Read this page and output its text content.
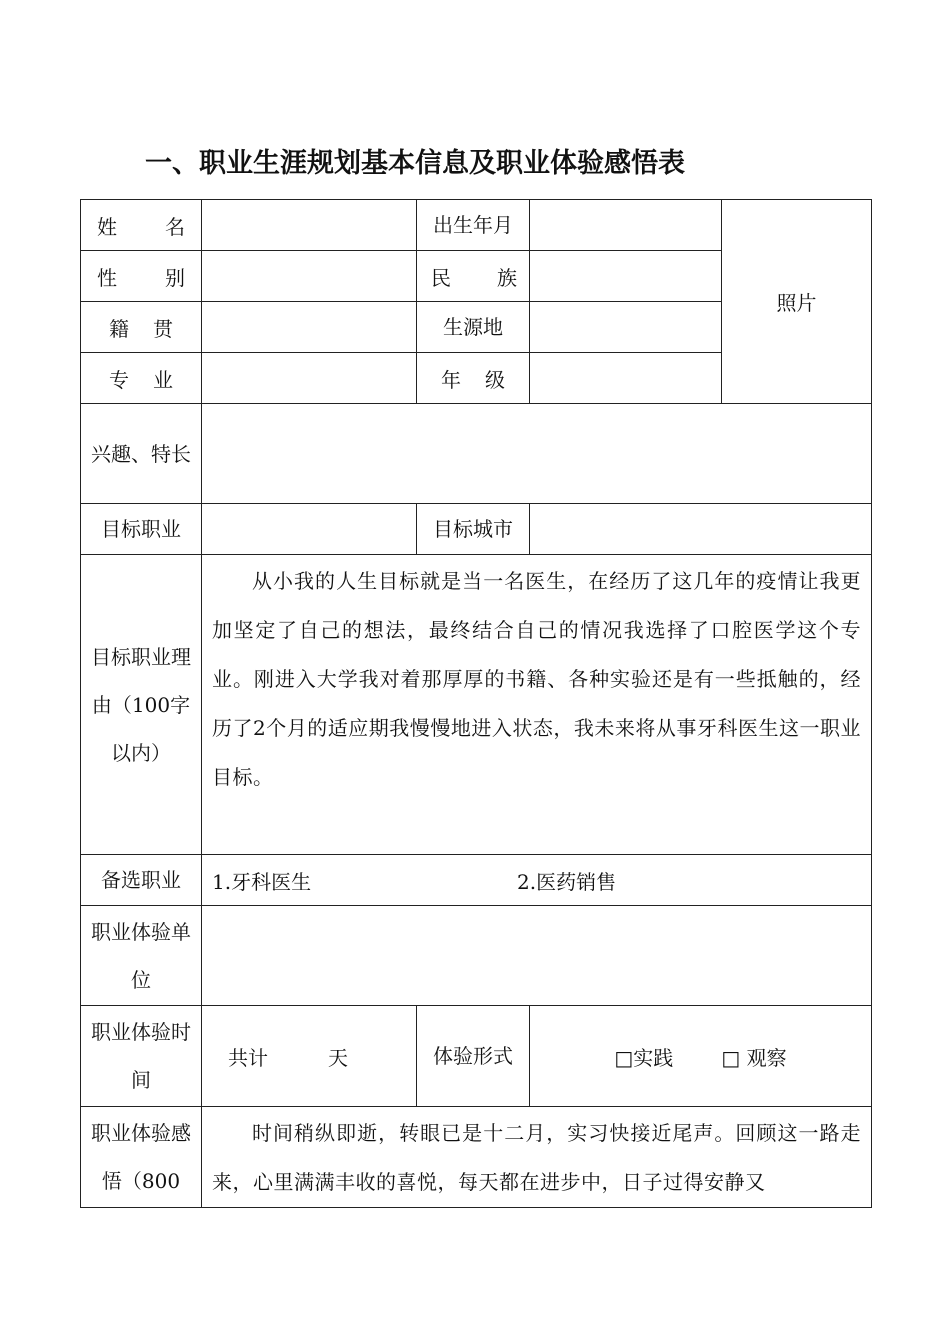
一、职业生涯规划基本信息及职业体验感悟表
姓 名		出生年月		照片

性 别		民 族		

籍 贯		生源地		

专 业		年 级		

兴趣、特长				
目标职业		目标城市		
目标职业理由（100字以内）	从小我的人生目标就是当一名医生，在经历了这几年的疫情让我更加坚定了自己的想法，最终结合自己的情况我选择了口腔医学这个专业。刚进入大学我对着那厚厚的书籍、各种实验还是有一些抵触的，经历了2个月的适应期我慢慢地进入状态，我未来将从事牙科医生这一职业目标。			
备选职业	1.牙科医生 2.医药销售			
职业体验单位				
职业体验时间	共计 天	体验形式	□实践 □ 观察	
职业体验感悟（800	时间稍纵即逝，转眼已是十二月，实习快接近尾声。回顾这一路走来，心里满满丰收的喜悦，每天都在进步中，日子过得安静又			
